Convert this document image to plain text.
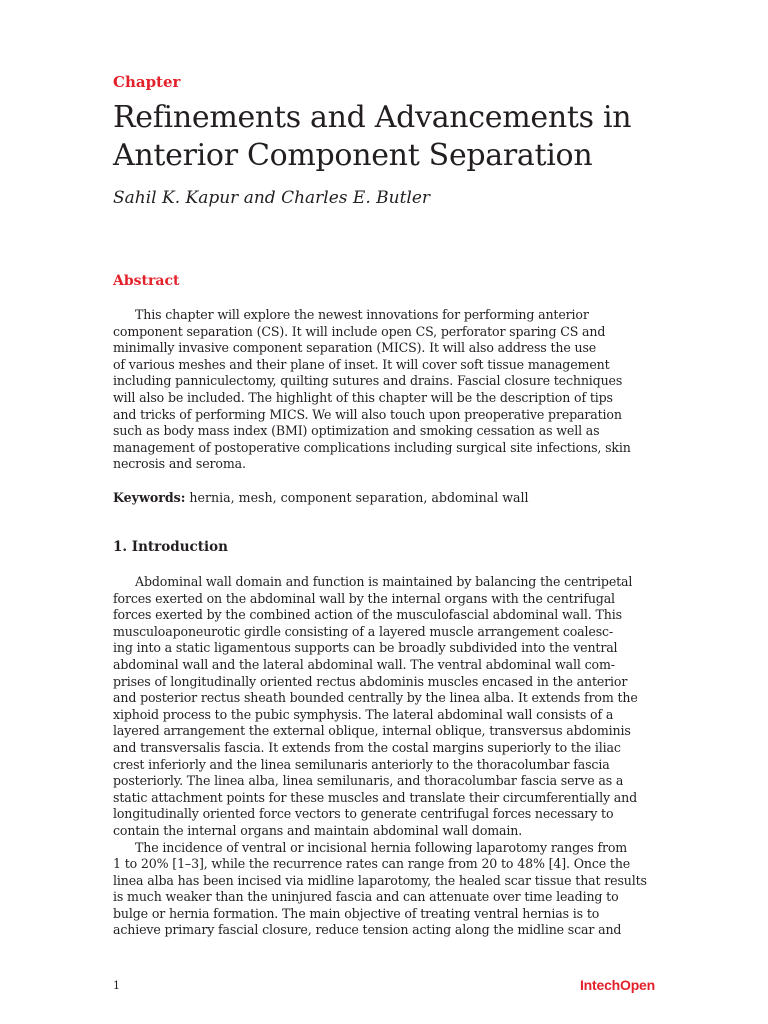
Chapter
Refinements and Advancements in
Anterior Component Separation
Sahil K. Kapur and Charles E. Butler
Abstract
This chapter will explore the newest innovations for performing anterior
component separation (CS). It will include open CS, perforator sparing CS and
minimally invasive component separation (MICS). It will also address the use
of various meshes and their plane of inset. It will cover soft tissue management
including panniculectomy, quilting sutures and drains. Fascial closure techniques
will also be included. The highlight of this chapter will be the description of tips
and tricks of performing MICS. We will also touch upon preoperative preparation
such as body mass index (BMI) optimization and smoking cessation as well as
management of postoperative complications including surgical site infections, skin
necrosis and seroma.
Keywords: hernia, mesh, component separation, abdominal wall
1. Introduction
Abdominal wall domain and function is maintained by balancing the centripetal
forces exerted on the abdominal wall by the internal organs with the centrifugal
forces exerted by the combined action of the musculofascial abdominal wall. This
musculoaponeurotic girdle consisting of a layered muscle arrangement coalesc-
ing into a static ligamentous supports can be broadly subdivided into the ventral
abdominal wall and the lateral abdominal wall. The ventral abdominal wall com-
prises of longitudinally oriented rectus abdominis muscles encased in the anterior
and posterior rectus sheath bounded centrally by the linea alba. It extends from the
xiphoid process to the pubic symphysis. The lateral abdominal wall consists of a
layered arrangement the external oblique, internal oblique, transversus abdominis
and transversalis fascia. It extends from the costal margins superiorly to the iliac
crest inferiorly and the linea semilunaris anteriorly to the thoracolumbar fascia
posteriorly. The linea alba, linea semilunaris, and thoracolumbar fascia serve as a
static attachment points for these muscles and translate their circumferentially and
longitudinally oriented force vectors to generate centrifugal forces necessary to
contain the internal organs and maintain abdominal wall domain.
The incidence of ventral or incisional hernia following laparotomy ranges from
1 to 20% [1–3], while the recurrence rates can range from 20 to 48% [4]. Once the
linea alba has been incised via midline laparotomy, the healed scar tissue that results
is much weaker than the uninjured fascia and can attenuate over time leading to
bulge or hernia formation. The main objective of treating ventral hernias is to
achieve primary fascial closure, reduce tension acting along the midline scar and
1	IntechOpen
